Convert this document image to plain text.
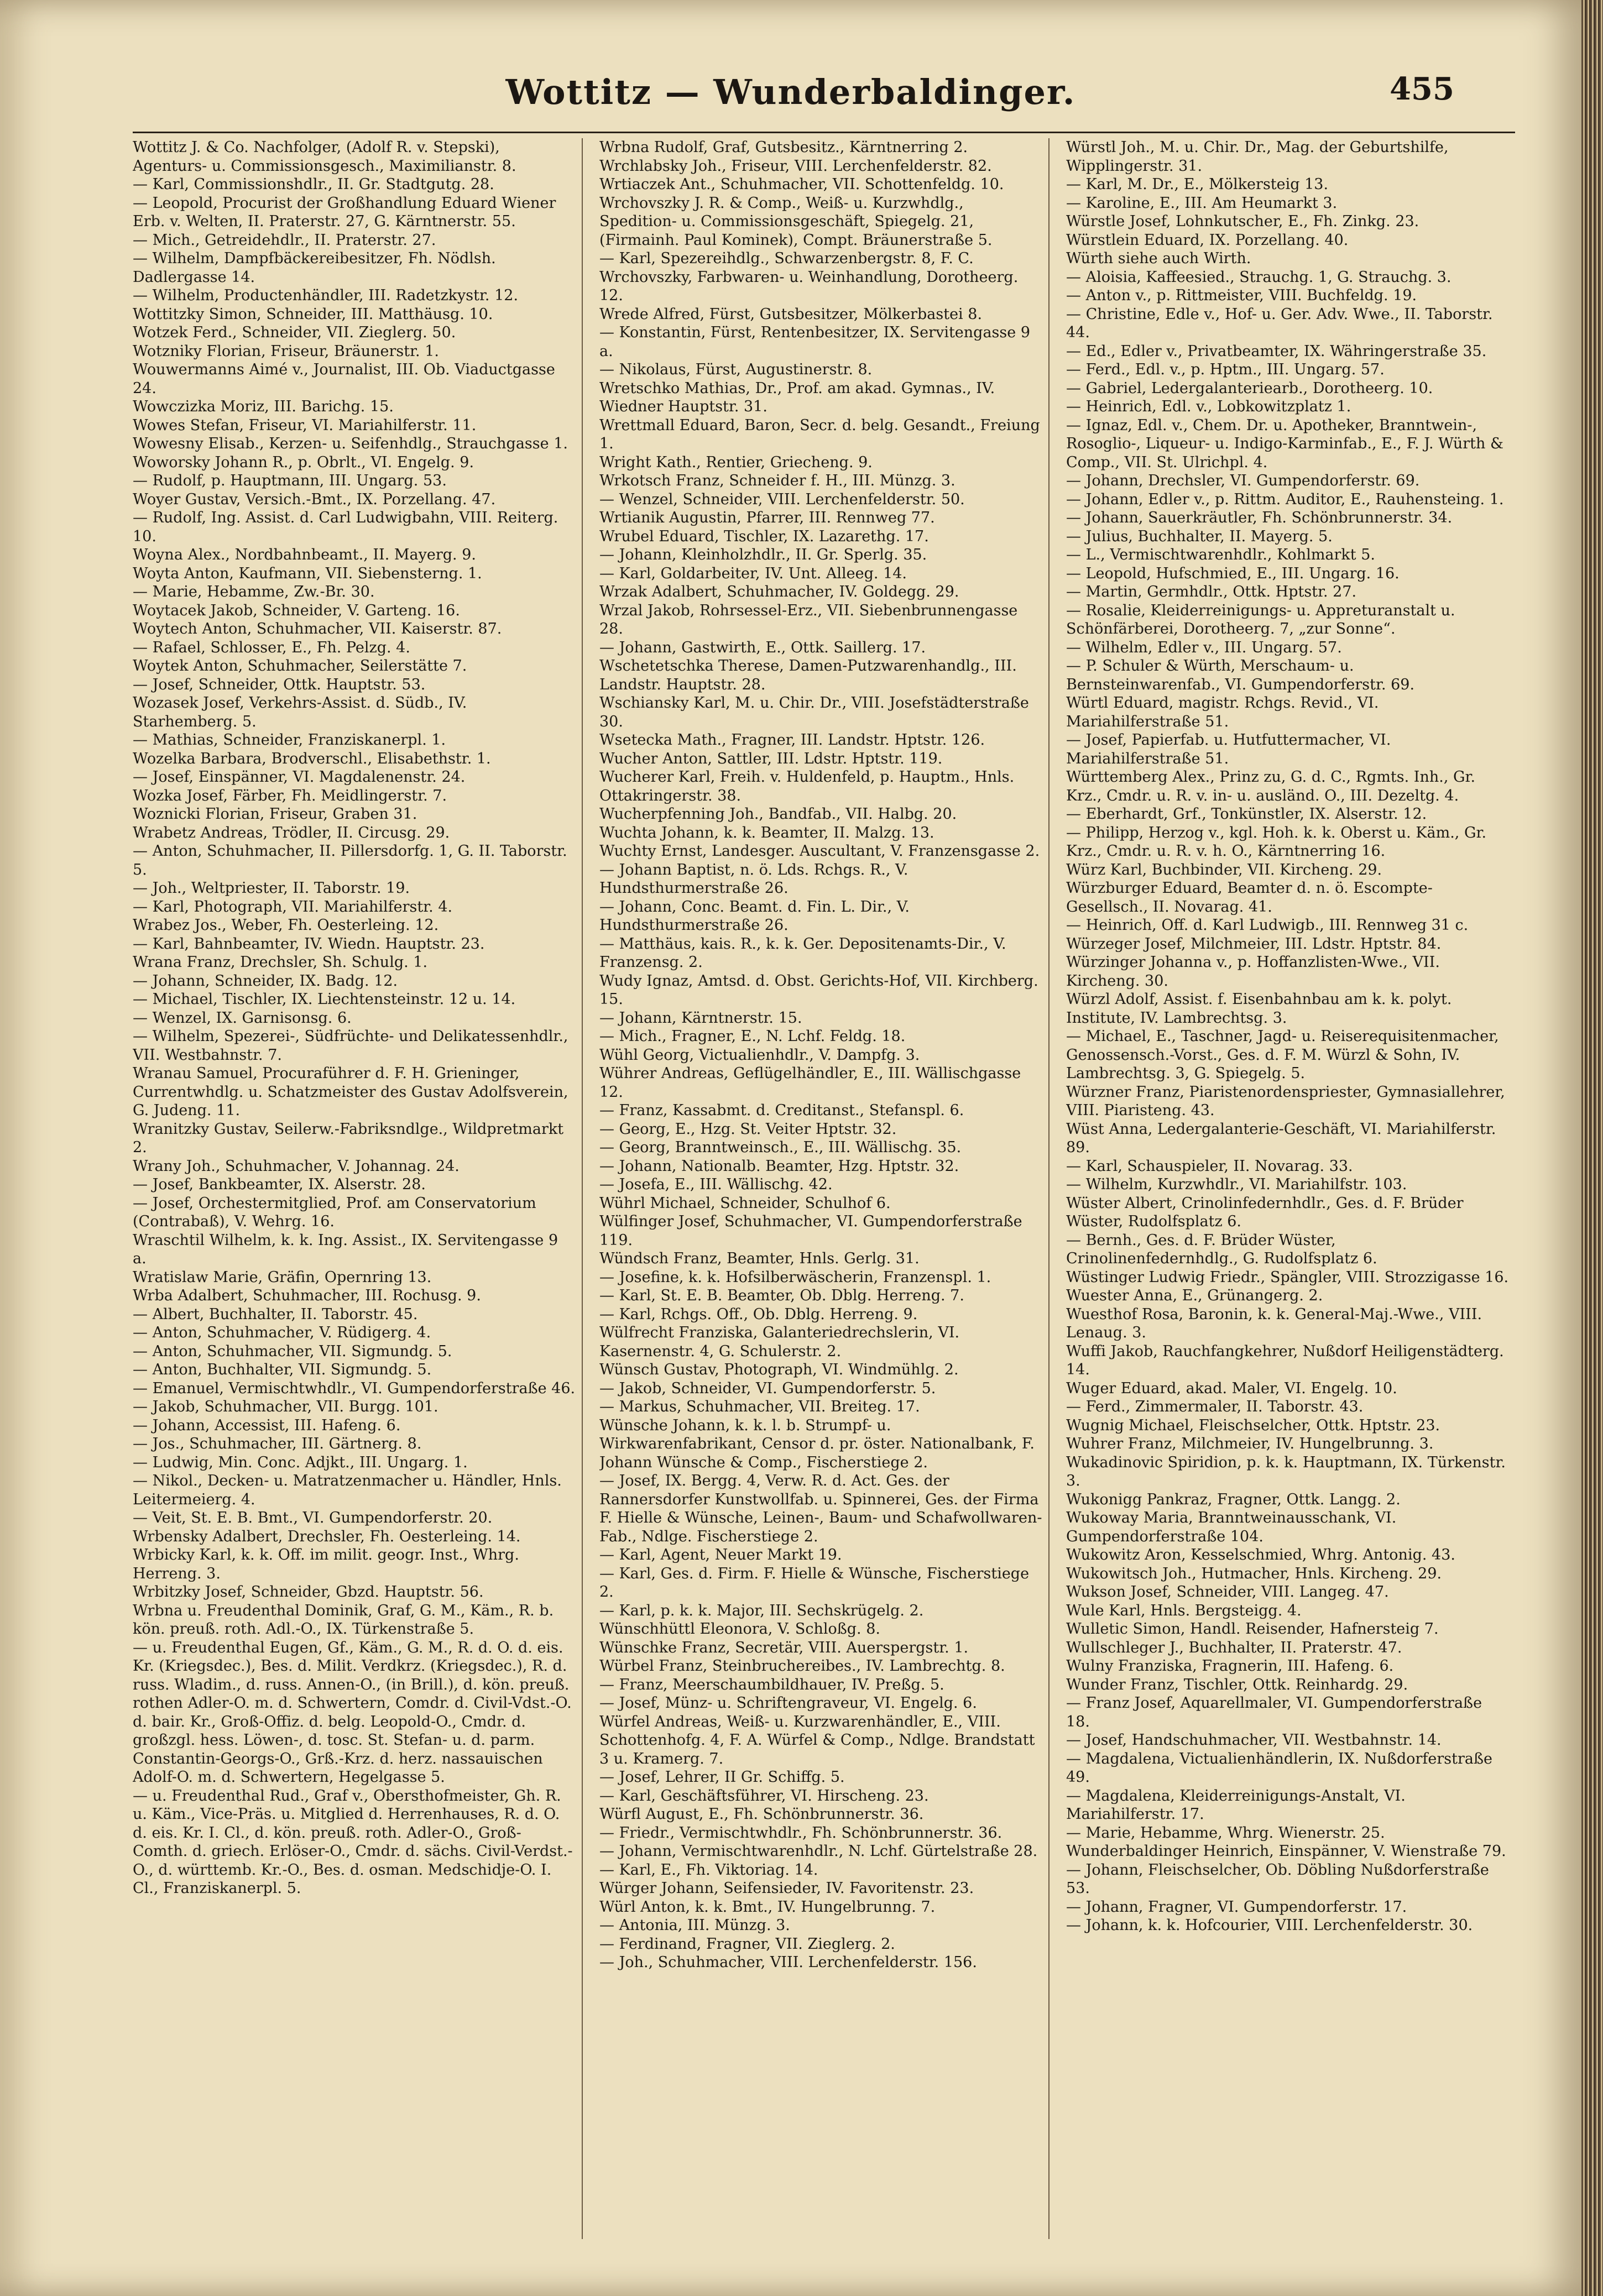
Wottitz — Wunderbaldinger.	455

Wottitz J. & Co. Nachfolger, (Adolf R. v. Stepski), Agenturs- u. Commissionsgesch., Maximilianstr. 8.

— Karl, Commissionshdlr., II. Gr. Stadtgutg. 28.

— Leopold, Procurist der Großhandlung Eduard Wiener Erb. v. Welten, II. Praterstr. 27, G. Kärntnerstr. 55.

— Mich., Getreidehdlr., II. Praterstr. 27.

— Wilhelm, Dampfbäckereibesitzer, Fh. Nödlsh. Dadlergasse 14.

— Wilhelm, Productenhändler, III. Radetzkystr. 12.

Wottitzky Simon, Schneider, III. Matthäusg. 10.

Wotzek Ferd., Schneider, VII. Zieglerg. 50.

Wotzniky Florian, Friseur, Bräunerstr. 1.

Wouwermanns Aimé v., Journalist, III. Ob. Viaductgasse 24.

Wowczizka Moriz, III. Barichg. 15.

Wowes Stefan, Friseur, VI. Mariahilferstr. 11.

Wowesny Elisab., Kerzen- u. Seifenhdlg., Strauchgasse 1.

Woworsky Johann R., p. Obrlt., VI. Engelg. 9.

— Rudolf, p. Hauptmann, III. Ungarg. 53.

Woyer Gustav, Versich.-Bmt., IX. Porzellang. 47.

— Rudolf, Ing. Assist. d. Carl Ludwigbahn, VIII. Reiterg. 10.

Woyna Alex., Nordbahnbeamt., II. Mayerg. 9.

Woyta Anton, Kaufmann, VII. Siebensterng. 1.

— Marie, Hebamme, Zw.-Br. 30.

Woytacek Jakob, Schneider, V. Garteng. 16.

Woytech Anton, Schuhmacher, VII. Kaiserstr. 87.

— Rafael, Schlosser, E., Fh. Pelzg. 4.

Woytek Anton, Schuhmacher, Seilerstätte 7.

— Josef, Schneider, Ottk. Hauptstr. 53.

Wozasek Josef, Verkehrs-Assist. d. Südb., IV. Starhemberg. 5.

— Mathias, Schneider, Franziskanerpl. 1.

Wozelka Barbara, Brodverschl., Elisabethstr. 1.

— Josef, Einspänner, VI. Magdalenenstr. 24.

Wozka Josef, Färber, Fh. Meidlingerstr. 7.

Woznicki Florian, Friseur, Graben 31.

Wrabetz Andreas, Trödler, II. Circusg. 29.

— Anton, Schuhmacher, II. Pillersdorfg. 1, G. II. Taborstr. 5.

— Joh., Weltpriester, II. Taborstr. 19.

— Karl, Photograph, VII. Mariahilferstr. 4.

Wrabez Jos., Weber, Fh. Oesterleing. 12.

— Karl, Bahnbeamter, IV. Wiedn. Hauptstr. 23.

Wrana Franz, Drechsler, Sh. Schulg. 1.

— Johann, Schneider, IX. Badg. 12.

— Michael, Tischler, IX. Liechtensteinstr. 12 u. 14.

— Wenzel, IX. Garnisonsg. 6.

— Wilhelm, Spezerei-, Südfrüchte- und Delikatessenhdlr., VII. Westbahnstr. 7.

Wranau Samuel, Procuraführer d. F. H. Grieninger, Currentwhdlg. u. Schatzmeister des Gustav Adolfsverein, G. Judeng. 11.

Wranitzky Gustav, Seilerw.-Fabriksndlge., Wildpretmarkt 2.

Wrany Joh., Schuhmacher, V. Johannag. 24.

— Josef, Bankbeamter, IX. Alserstr. 28.

— Josef, Orchestermitglied, Prof. am Conservatorium (Contrabaß), V. Wehrg. 16.

Wraschtil Wilhelm, k. k. Ing. Assist., IX. Servitengasse 9 a.

Wratislaw Marie, Gräfin, Opernring 13.

Wrba Adalbert, Schuhmacher, III. Rochusg. 9.

— Albert, Buchhalter, II. Taborstr. 45.

— Anton, Schuhmacher, V. Rüdigerg. 4.

— Anton, Schuhmacher, VII. Sigmundg. 5.

— Anton, Buchhalter, VII. Sigmundg. 5.

— Emanuel, Vermischtwhdlr., VI. Gumpendorferstraße 46.

— Jakob, Schuhmacher, VII. Burgg. 101.

— Johann, Accessist, III. Hafeng. 6.

— Jos., Schuhmacher, III. Gärtnerg. 8.

— Ludwig, Min. Conc. Adjkt., III. Ungarg. 1.

— Nikol., Decken- u. Matratzenmacher u. Händler, Hnls. Leitermeierg. 4.

— Veit, St. E. B. Bmt., VI. Gumpendorferstr. 20.

Wrbensky Adalbert, Drechsler, Fh. Oesterleing. 14.

Wrbicky Karl, k. k. Off. im milit. geogr. Inst., Whrg. Herreng. 3.

Wrbitzky Josef, Schneider, Gbzd. Hauptstr. 56.

Wrbna u. Freudenthal Dominik, Graf, G. M., Käm., R. b. kön. preuß. roth. Adl.-O., IX. Türkenstraße 5.

— u. Freudenthal Eugen, Gf., Käm., G. M., R. d. O. d. eis. Kr. (Kriegsdec.), Bes. d. Milit. Verdkrz. (Kriegsdec.), R. d. russ. Wladim., d. russ. Annen-O., (in Brill.), d. kön. preuß. rothen Adler-O. m. d. Schwertern, Comdr. d. Civil-Vdst.-O. d. bair. Kr., Groß-Offiz. d. belg. Leopold-O., Cmdr. d. großzgl. hess. Löwen-, d. tosc. St. Stefan- u. d. parm. Constantin-Georgs-O., Grß.-Krz. d. herz. nassauischen Adolf-O. m. d. Schwertern, Hegelgasse 5.

— u. Freudenthal Rud., Graf v., Obersthofmeister, Gh. R. u. Käm., Vice-Präs. u. Mitglied d. Herrenhauses, R. d. O. d. eis. Kr. I. Cl., d. kön. preuß. roth. Adler-O., Groß-Comth. d. griech. Erlöser-O., Cmdr. d. sächs. Civil-Verdst.-O., d. württemb. Kr.-O., Bes. d. osman. Medschidje-O. I. Cl., Franziskanerpl. 5.

Wrbna Rudolf, Graf, Gutsbesitz., Kärntnerring 2.

Wrchlabsky Joh., Friseur, VIII. Lerchenfelderstr. 82.

Wrtiaczek Ant., Schuhmacher, VII. Schottenfeldg. 10.

Wrchovszky J. R. & Comp., Weiß- u. Kurzwhdlg., Spedition- u. Commissionsgeschäft, Spiegelg. 21, (Firmainh. Paul Kominek), Compt. Bräunerstraße 5.

— Karl, Spezereihdlg., Schwarzenbergstr. 8, F. C. Wrchovszky, Farbwaren- u. Weinhandlung, Dorotheerg. 12.

Wrede Alfred, Fürst, Gutsbesitzer, Mölkerbastei 8.

— Konstantin, Fürst, Rentenbesitzer, IX. Servitengasse 9 a.

— Nikolaus, Fürst, Augustinerstr. 8.

Wretschko Mathias, Dr., Prof. am akad. Gymnas., IV. Wiedner Hauptstr. 31.

Wrettmall Eduard, Baron, Secr. d. belg. Gesandt., Freiung 1.

Wright Kath., Rentier, Griecheng. 9.

Wrkotsch Franz, Schneider f. H., III. Münzg. 3.

— Wenzel, Schneider, VIII. Lerchenfelderstr. 50.

Wrtianik Augustin, Pfarrer, III. Rennweg 77.

Wrubel Eduard, Tischler, IX. Lazarethg. 17.

— Johann, Kleinholzhdlr., II. Gr. Sperlg. 35.

— Karl, Goldarbeiter, IV. Unt. Alleeg. 14.

Wrzak Adalbert, Schuhmacher, IV. Goldegg. 29.

Wrzal Jakob, Rohrsessel-Erz., VII. Siebenbrunnengasse 28.

— Johann, Gastwirth, E., Ottk. Saillerg. 17.

Wschetetschka Therese, Damen-Putzwarenhandlg., III. Landstr. Hauptstr. 28.

Wschiansky Karl, M. u. Chir. Dr., VIII. Josefstädterstraße 30.

Wsetecka Math., Fragner, III. Landstr. Hptstr. 126.

Wucher Anton, Sattler, III. Ldstr. Hptstr. 119.

Wucherer Karl, Freih. v. Huldenfeld, p. Hauptm., Hnls. Ottakringerstr. 38.

Wucherpfenning Joh., Bandfab., VII. Halbg. 20.

Wuchta Johann, k. k. Beamter, II. Malzg. 13.

Wuchty Ernst, Landesger. Auscultant, V. Franzensgasse 2.

— Johann Baptist, n. ö. Lds. Rchgs. R., V. Hundsthurmerstraße 26.

— Johann, Conc. Beamt. d. Fin. L. Dir., V. Hundsthurmerstraße 26.

— Matthäus, kais. R., k. k. Ger. Depositenamts-Dir., V. Franzensg. 2.

Wudy Ignaz, Amtsd. d. Obst. Gerichts-Hof, VII. Kirchberg. 15.

— Johann, Kärntnerstr. 15.

— Mich., Fragner, E., N. Lchf. Feldg. 18.

Wühl Georg, Victualienhdlr., V. Dampfg. 3.

Wührer Andreas, Geflügelhändler, E., III. Wällischgasse 12.

— Franz, Kassabmt. d. Creditanst., Stefanspl. 6.

— Georg, E., Hzg. St. Veiter Hptstr. 32.

— Georg, Branntweinsch., E., III. Wällischg. 35.

— Johann, Nationalb. Beamter, Hzg. Hptstr. 32.

— Josefa, E., III. Wällischg. 42.

Wührl Michael, Schneider, Schulhof 6.

Wülfinger Josef, Schuhmacher, VI. Gumpendorferstraße 119.

Wündsch Franz, Beamter, Hnls. Gerlg. 31.

— Josefine, k. k. Hofsilberwäscherin, Franzenspl. 1.

— Karl, St. E. B. Beamter, Ob. Dblg. Herreng. 7.

— Karl, Rchgs. Off., Ob. Dblg. Herreng. 9.

Wülfrecht Franziska, Galanteriedrechslerin, VI. Kasernenstr. 4, G. Schulerstr. 2.

Wünsch Gustav, Photograph, VI. Windmühlg. 2.

— Jakob, Schneider, VI. Gumpendorferstr. 5.

— Markus, Schuhmacher, VII. Breiteg. 17.

Wünsche Johann, k. k. l. b. Strumpf- u. Wirkwarenfabrikant, Censor d. pr. öster. Nationalbank, F. Johann Wünsche & Comp., Fischerstiege 2.

— Josef, IX. Bergg. 4, Verw. R. d. Act. Ges. der Rannersdorfer Kunstwollfab. u. Spinnerei, Ges. der Firma F. Hielle & Wünsche, Leinen-, Baum- und Schafwollwaren-Fab., Ndlge. Fischerstiege 2.

— Karl, Agent, Neuer Markt 19.

— Karl, Ges. d. Firm. F. Hielle & Wünsche, Fischerstiege 2.

— Karl, p. k. k. Major, III. Sechskrügelg. 2.

Wünschhüttl Eleonora, V. Schloßg. 8.

Wünschke Franz, Secretär, VIII. Auerspergstr. 1.

Würbel Franz, Steinbruchereibes., IV. Lambrechtg. 8.

— Franz, Meerschaumbildhauer, IV. Preßg. 5.

— Josef, Münz- u. Schriftengraveur, VI. Engelg. 6.

Würfel Andreas, Weiß- u. Kurzwarenhändler, E., VIII. Schottenhofg. 4, F. A. Würfel & Comp., Ndlge. Brandstatt 3 u. Kramerg. 7.

— Josef, Lehrer, II Gr. Schiffg. 5.

— Karl, Geschäftsführer, VI. Hirscheng. 23.

Würfl August, E., Fh. Schönbrunnerstr. 36.

— Friedr., Vermischtwhdlr., Fh. Schönbrunnerstr. 36.

— Johann, Vermischtwarenhdlr., N. Lchf. Gürtelstraße 28.

— Karl, E., Fh. Viktoriag. 14.

Würger Johann, Seifensieder, IV. Favoritenstr. 23.

Würl Anton, k. k. Bmt., IV. Hungelbrunng. 7.

— Antonia, III. Münzg. 3.

— Ferdinand, Fragner, VII. Zieglerg. 2.

— Joh., Schuhmacher, VIII. Lerchenfelderstr. 156.

Würstl Joh., M. u. Chir. Dr., Mag. der Geburtshilfe, Wipplingerstr. 31.

— Karl, M. Dr., E., Mölkersteig 13.

— Karoline, E., III. Am Heumarkt 3.

Würstle Josef, Lohnkutscher, E., Fh. Zinkg. 23.

Würstlein Eduard, IX. Porzellang. 40.

Würth siehe auch Wirth.

— Aloisia, Kaffeesied., Strauchg. 1, G. Strauchg. 3.

— Anton v., p. Rittmeister, VIII. Buchfeldg. 19.

— Christine, Edle v., Hof- u. Ger. Adv. Wwe., II. Taborstr. 44.

— Ed., Edler v., Privatbeamter, IX. Währingerstraße 35.

— Ferd., Edl. v., p. Hptm., III. Ungarg. 57.

— Gabriel, Ledergalanteriearb., Dorotheerg. 10.

— Heinrich, Edl. v., Lobkowitzplatz 1.

— Ignaz, Edl. v., Chem. Dr. u. Apotheker, Branntwein-, Rosoglio-, Liqueur- u. Indigo-Karminfab., E., F. J. Würth & Comp., VII. St. Ulrichpl. 4.

— Johann, Drechsler, VI. Gumpendorferstr. 69.

— Johann, Edler v., p. Rittm. Auditor, E., Rauhensteing. 1.

— Johann, Sauerkräutler, Fh. Schönbrunnerstr. 34.

— Julius, Buchhalter, II. Mayerg. 5.

— L., Vermischtwarenhdlr., Kohlmarkt 5.

— Leopold, Hufschmied, E., III. Ungarg. 16.

— Martin, Germhdlr., Ottk. Hptstr. 27.

— Rosalie, Kleiderreinigungs- u. Appreturanstalt u. Schönfärberei, Dorotheerg. 7, „zur Sonne“.

— Wilhelm, Edler v., III. Ungarg. 57.

— P. Schuler & Würth, Merschaum- u. Bernsteinwarenfab., VI. Gumpendorferstr. 69.

Würtl Eduard, magistr. Rchgs. Revid., VI. Mariahilferstraße 51.

— Josef, Papierfab. u. Hutfuttermacher, VI. Mariahilferstraße 51.

Württemberg Alex., Prinz zu, G. d. C., Rgmts. Inh., Gr. Krz., Cmdr. u. R. v. in- u. ausländ. O., III. Dezeltg. 4.

— Eberhardt, Grf., Tonkünstler, IX. Alserstr. 12.

— Philipp, Herzog v., kgl. Hoh. k. k. Oberst u. Käm., Gr. Krz., Cmdr. u. R. v. h. O., Kärntnerring 16.

Würz Karl, Buchbinder, VII. Kircheng. 29.

Würzburger Eduard, Beamter d. n. ö. Escompte-Gesellsch., II. Novarag. 41.

— Heinrich, Off. d. Karl Ludwigb., III. Rennweg 31 c.

Würzeger Josef, Milchmeier, III. Ldstr. Hptstr. 84.

Würzinger Johanna v., p. Hoffanzlisten-Wwe., VII. Kircheng. 30.

Würzl Adolf, Assist. f. Eisenbahnbau am k. k. polyt. Institute, IV. Lambrechtsg. 3.

— Michael, E., Taschner, Jagd- u. Reiserequisitenmacher, Genossensch.-Vorst., Ges. d. F. M. Würzl & Sohn, IV. Lambrechtsg. 3, G. Spiegelg. 5.

Würzner Franz, Piaristenordenspriester, Gymnasiallehrer, VIII. Piaristeng. 43.

Wüst Anna, Ledergalanterie-Geschäft, VI. Mariahilferstr. 89.

— Karl, Schauspieler, II. Novarag. 33.

— Wilhelm, Kurzwhdlr., VI. Mariahilfstr. 103.

Wüster Albert, Crinolinfedernhdlr., Ges. d. F. Brüder Wüster, Rudolfsplatz 6.

— Bernh., Ges. d. F. Brüder Wüster, Crinolinenfedernhdlg., G. Rudolfsplatz 6.

Wüstinger Ludwig Friedr., Spängler, VIII. Strozzigasse 16.

Wuester Anna, E., Grünangerg. 2.

Wuesthof Rosa, Baronin, k. k. General-Maj.-Wwe., VIII. Lenaug. 3.

Wuffi Jakob, Rauchfangkehrer, Nußdorf Heiligenstädterg. 14.

Wuger Eduard, akad. Maler, VI. Engelg. 10.

— Ferd., Zimmermaler, II. Taborstr. 43.

Wugnig Michael, Fleischselcher, Ottk. Hptstr. 23.

Wuhrer Franz, Milchmeier, IV. Hungelbrunng. 3.

Wukadinovic Spiridion, p. k. k. Hauptmann, IX. Türkenstr. 3.

Wukonigg Pankraz, Fragner, Ottk. Langg. 2.

Wukoway Maria, Branntweinausschank, VI. Gumpendorferstraße 104.

Wukowitz Aron, Kesselschmied, Whrg. Antonig. 43.

Wukowitsch Joh., Hutmacher, Hnls. Kircheng. 29.

Wukson Josef, Schneider, VIII. Langeg. 47.

Wule Karl, Hnls. Bergsteigg. 4.

Wulletic Simon, Handl. Reisender, Hafnersteig 7.

Wullschleger J., Buchhalter, II. Praterstr. 47.

Wulny Franziska, Fragnerin, III. Hafeng. 6.

Wunder Franz, Tischler, Ottk. Reinhardg. 29.

— Franz Josef, Aquarellmaler, VI. Gumpendorferstraße 18.

— Josef, Handschuhmacher, VII. Westbahnstr. 14.

— Magdalena, Victualienhändlerin, IX. Nußdorferstraße 49.

— Magdalena, Kleiderreinigungs-Anstalt, VI. Mariahilferstr. 17.

— Marie, Hebamme, Whrg. Wienerstr. 25.

Wunderbaldinger Heinrich, Einspänner, V. Wienstraße 79.

— Johann, Fleischselcher, Ob. Döbling Nußdorferstraße 53.

— Johann, Fragner, VI. Gumpendorferstr. 17.

— Johann, k. k. Hofcourier, VIII. Lerchenfelderstr. 30.
